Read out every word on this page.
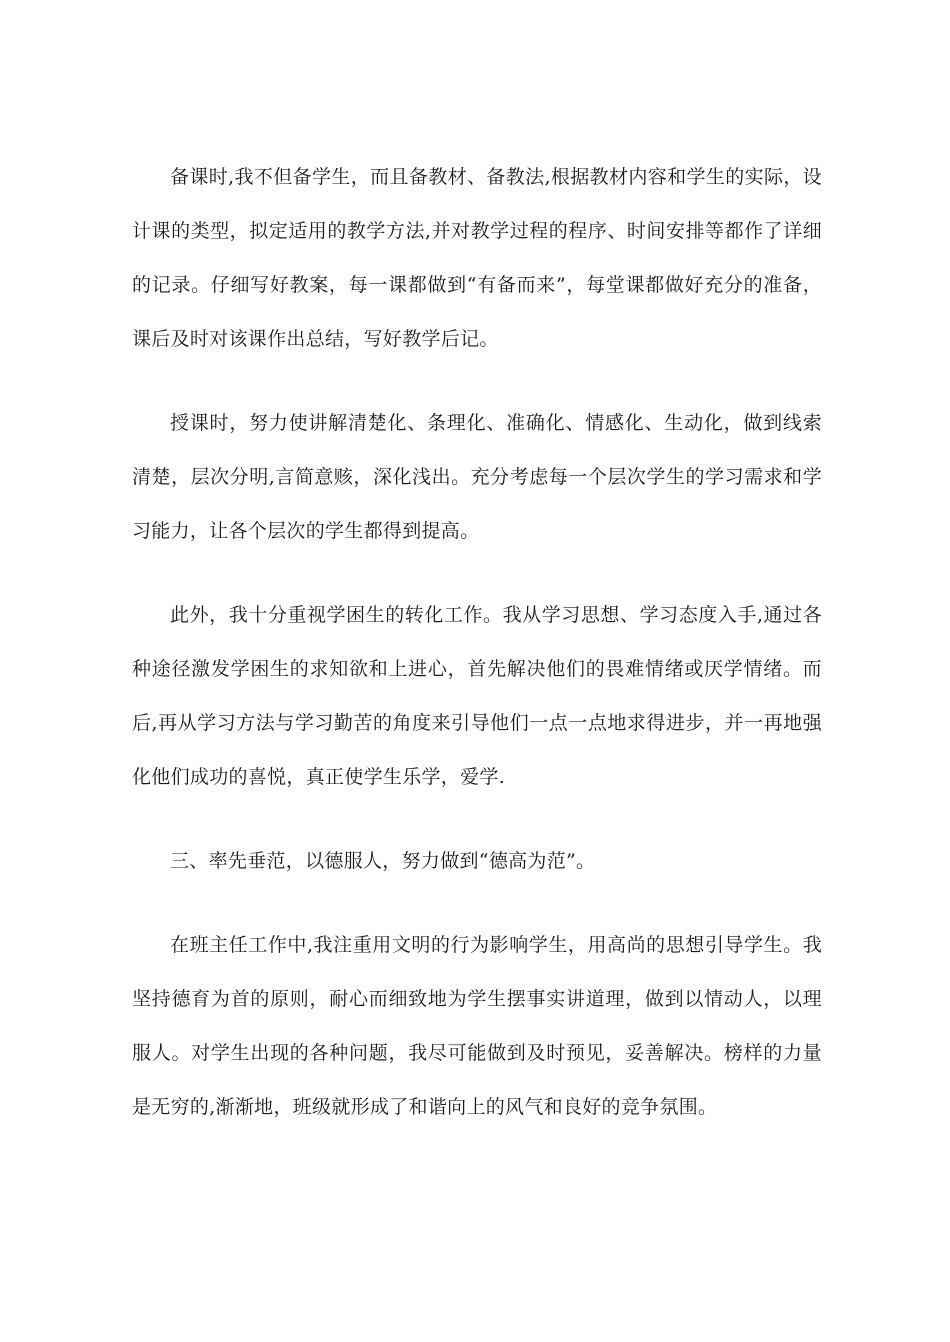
备课时,我不但备学生，而且备教材、备教法,根据教材内容和学生的实际，设计课的类型，拟定适用的教学方法,并对教学过程的程序、时间安排等都作了详细的记录。仔细写好教案，每一课都做到“有备而来”，每堂课都做好充分的准备，课后及时对该课作出总结，写好教学后记。

授课时，努力使讲解清楚化、条理化、准确化、情感化、生动化，做到线索清楚，层次分明,言简意赅，深化浅出。充分考虑每一个层次学生的学习需求和学习能力，让各个层次的学生都得到提高。

此外，我十分重视学困生的转化工作。我从学习思想、学习态度入手,通过各种途径激发学困生的求知欲和上进心，首先解决他们的畏难情绪或厌学情绪。而后,再从学习方法与学习勤苦的角度来引导他们一点一点地求得进步，并一再地强化他们成功的喜悦，真正使学生乐学，爱学.

三、率先垂范，以德服人，努力做到“德高为范”。

在班主任工作中,我注重用文明的行为影响学生，用高尚的思想引导学生。我坚持德育为首的原则，耐心而细致地为学生摆事实讲道理，做到以情动人，以理服人。对学生出现的各种问题，我尽可能做到及时预见，妥善解决。榜样的力量是无穷的,渐渐地，班级就形成了和谐向上的风气和良好的竞争氛围。
